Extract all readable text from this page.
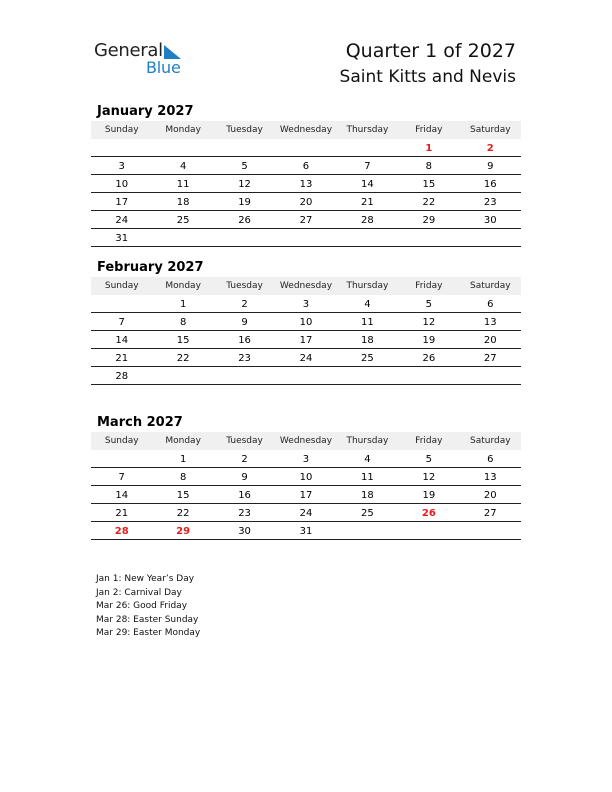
General
Blue
Quarter 1 of 2027
Saint Kitts and Nevis
January 2027
Sunday	Monday	Tuesday	Wednesday	Thursday	Friday	Saturday
					1	2
3	4	5	6	7	8	9
10	11	12	13	14	15	16
17	18	19	20	21	22	23
24	25	26	27	28	29	30
31						
February 2027
Sunday	Monday	Tuesday	Wednesday	Thursday	Friday	Saturday
	1	2	3	4	5	6
7	8	9	10	11	12	13
14	15	16	17	18	19	20
21	22	23	24	25	26	27
28						
March 2027
Sunday	Monday	Tuesday	Wednesday	Thursday	Friday	Saturday
	1	2	3	4	5	6
7	8	9	10	11	12	13
14	15	16	17	18	19	20
21	22	23	24	25	26	27
28	29	30	31			
Jan 1: New Year’s Day
Jan 2: Carnival Day
Mar 26: Good Friday
Mar 28: Easter Sunday
Mar 29: Easter Monday
